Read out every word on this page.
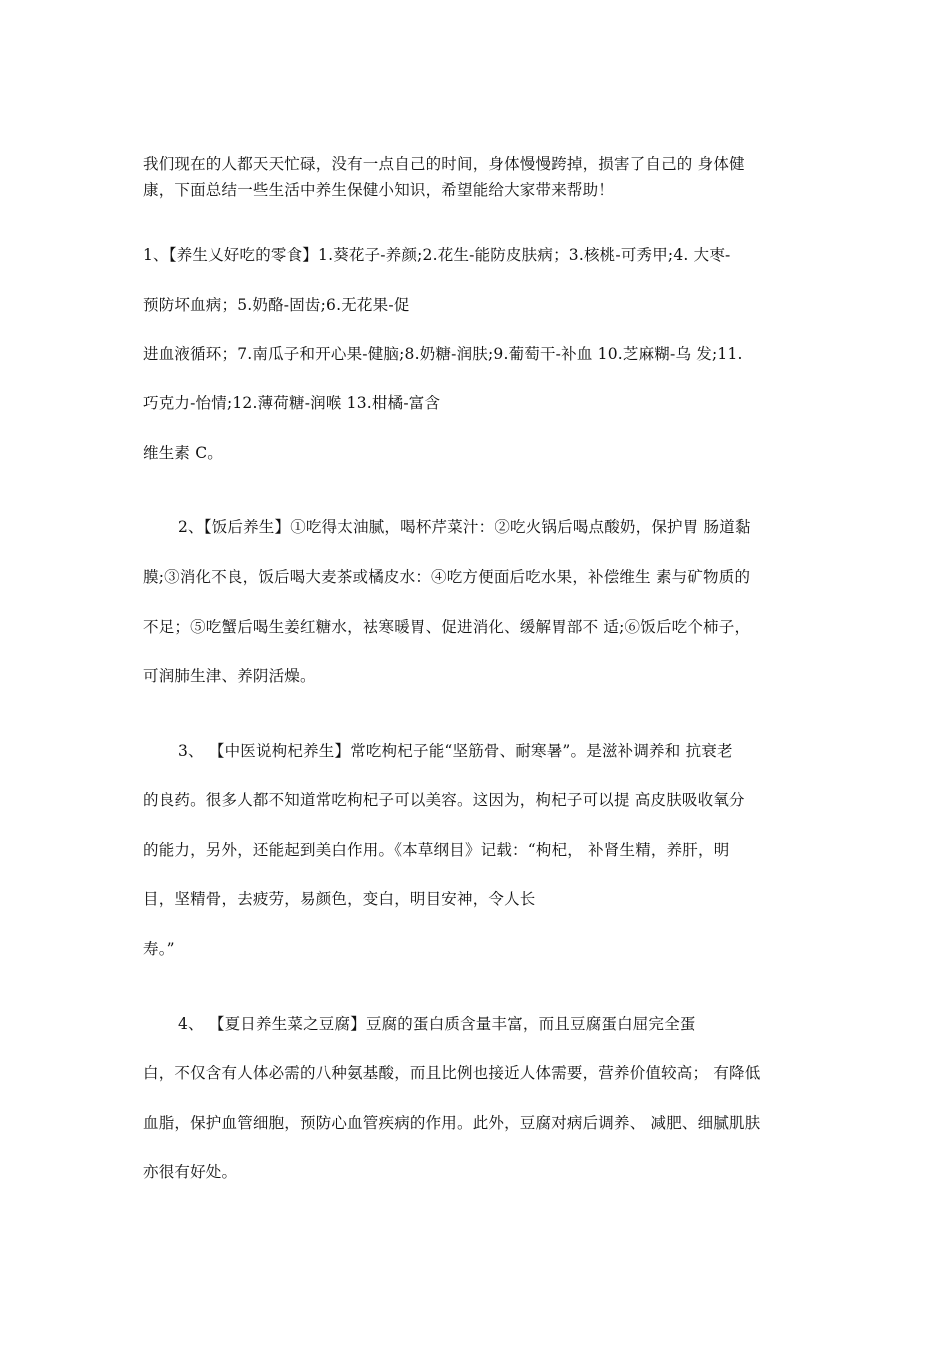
我们现在的人都天天忙碌，没有一点自己的时间，身体慢慢跨掉，损害了自己的 身体健
康，下面总结一些生活中养生保健小知识，希望能给大家带来帮助！
1、【养生乂好吃的零食】1.葵花子-养颜;2.花生-能防皮肤病；3.核桃-可秀甲;4. 大枣-
预防坏血病；5.奶酪-固齿;6.无花果-促
进血液循环；7.南瓜子和开心果-健脑;8.奶糖-润肤;9.葡萄干-补血 10.芝麻糊-乌 发;11.
巧克力-怡情;12.薄荷糖-润喉 13.柑橘-富含
维生素 C。
2、【饭后养生】①吃得太油腻，喝杯芹菜汁：②吃火锅后喝点酸奶，保护胃 肠道黏
膜;③消化不良，饭后喝大麦茶或橘皮水：④吃方便面后吃水果，补偿维生 素与矿物质的
不足；⑤吃蟹后喝生姜红糖水，袪寒暖胃、促进消化、缓解胃部不 适;⑥饭后吃个柿子，
可润肺生津、养阴活燥。
3、 【中医说枸杞养生】常吃枸杞子能“坚筋骨、耐寒暑”。是滋补调养和 抗衰老
的良药。很多人都不知道常吃枸杞子可以美容。这因为，枸杞子可以提 高皮肤吸收氧分
的能力，另外，还能起到美白作用。《本草纲目》记载：“枸杞， 补肾生精，养肝，明
目，坚精骨，去疲劳，易颜色，变白，明目安神，令人长
寿。”
4、 【夏日养生菜之豆腐】豆腐的蛋白质含量丰富，而且豆腐蛋白屈完全蛋
白，不仅含有人体必需的八种氨基酸，而且比例也接近人体需要，营养价值较高； 有降低
血脂，保护血管细胞，预防心血管疾病的作用。此外，豆腐对病后调养、 减肥、细腻肌肤
亦很有好处。
